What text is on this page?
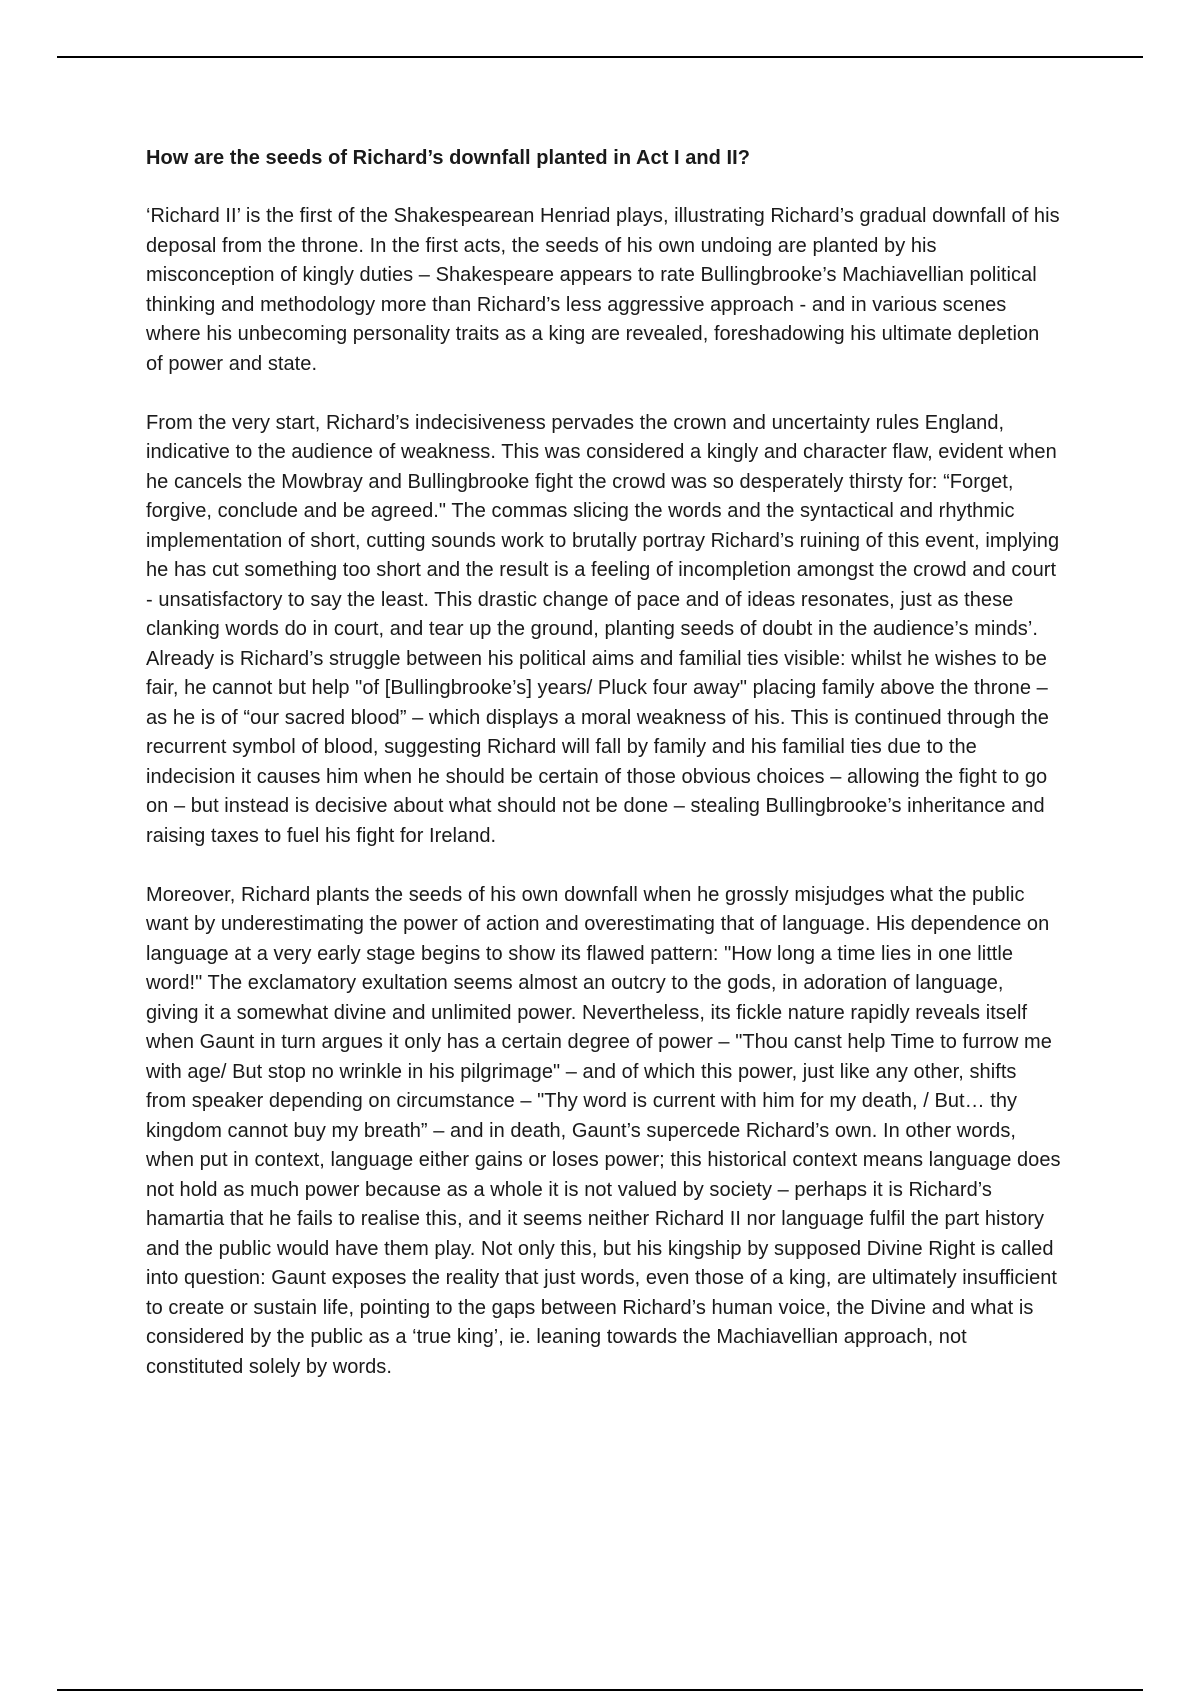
How are the seeds of Richard’s downfall planted in Act I and II?

‘Richard II’ is the first of the Shakespearean Henriad plays, illustrating Richard’s gradual downfall of his deposal from the throne. In the first acts, the seeds of his own undoing are planted by his misconception of kingly duties – Shakespeare appears to rate Bullingbrooke’s Machiavellian political thinking and methodology more than Richard’s less aggressive approach - and in various scenes where his unbecoming personality traits as a king are revealed, foreshadowing his ultimate depletion of power and state.

From the very start, Richard’s indecisiveness pervades the crown and uncertainty rules England, indicative to the audience of weakness. This was considered a kingly and character flaw, evident when he cancels the Mowbray and Bullingbrooke fight the crowd was so desperately thirsty for: “Forget, forgive, conclude and be agreed." The commas slicing the words and the syntactical and rhythmic implementation of short, cutting sounds work to brutally portray Richard’s ruining of this event, implying he has cut something too short and the result is a feeling of incompletion amongst the crowd and court - unsatisfactory to say the least. This drastic change of pace and of ideas resonates, just as these clanking words do in court, and tear up the ground, planting seeds of doubt in the audience’s minds’. Already is Richard’s struggle between his political aims and familial ties visible: whilst he wishes to be fair, he cannot but help "of [Bullingbrooke’s] years/ Pluck four away" placing family above the throne – as he is of “our sacred blood” – which displays a moral weakness of his. This is continued through the recurrent symbol of blood, suggesting Richard will fall by family and his familial ties due to the indecision it causes him when he should be certain of those obvious choices – allowing the fight to go on – but instead is decisive about what should not be done – stealing Bullingbrooke’s inheritance and raising taxes to fuel his fight for Ireland.

Moreover, Richard plants the seeds of his own downfall when he grossly misjudges what the public want by underestimating the power of action and overestimating that of language. His dependence on language at a very early stage begins to show its flawed pattern: "How long a time lies in one little word!" The exclamatory exultation seems almost an outcry to the gods, in adoration of language, giving it a somewhat divine and unlimited power. Nevertheless, its fickle nature rapidly reveals itself when Gaunt in turn argues it only has a certain degree of power – "Thou canst help Time to furrow me with age/ But stop no wrinkle in his pilgrimage" – and of which this power, just like any other, shifts from speaker depending on circumstance – "Thy word is current with him for my death, / But… thy kingdom cannot buy my breath” – and in death, Gaunt’s supercede Richard’s own. In other words, when put in context, language either gains or loses power; this historical context means language does not hold as much power because as a whole it is not valued by society – perhaps it is Richard’s hamartia that he fails to realise this, and it seems neither Richard II nor language fulfil the part history and the public would have them play. Not only this, but his kingship by supposed Divine Right is called into question: Gaunt exposes the reality that just words, even those of a king, are ultimately insufficient to create or sustain life, pointing to the gaps between Richard’s human voice, the Divine and what is considered by the public as a ‘true king’, ie. leaning towards the Machiavellian approach, not constituted solely by words.
